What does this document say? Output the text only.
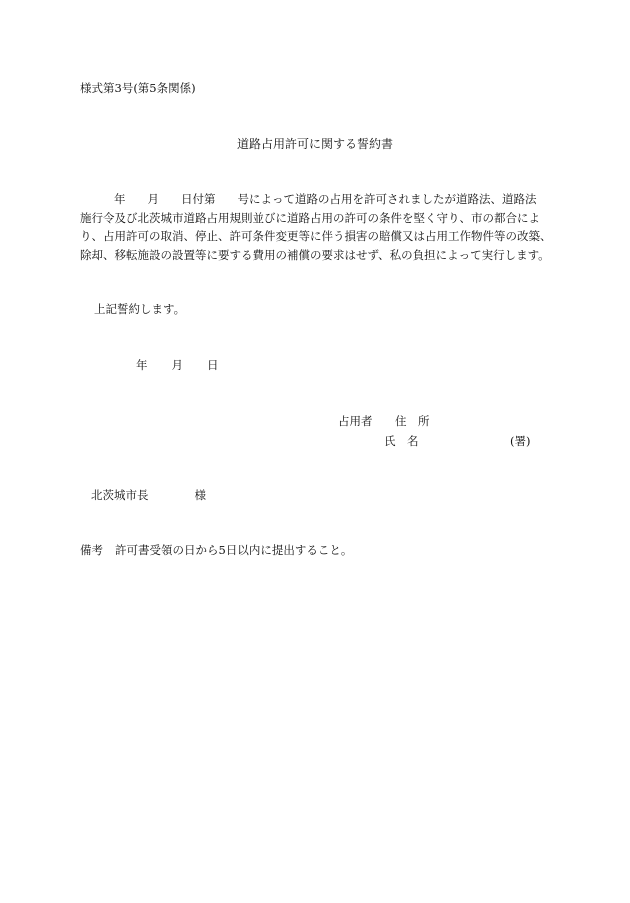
様式第3号(第5条関係)
道路占用許可に関する誓約書
年 月 日付第 号によって道路の占用を許可されましたが道路法、道路法
施行令及び北茨城市道路占用規則並びに道路占用の許可の条件を堅く守り、市の都合によ
り、占用許可の取消、停止、許可条件変更等に伴う損害の賠償又は占用工作物件等の改築、
除却、移転施設の設置等に要する費用の補償の要求はせず、私の負担によって実行します。
上記誓約します。
年 月 日
占用者 住　所
氏　名	(署)
北茨城市長	様
備考 許可書受領の日から5日以内に提出すること。
